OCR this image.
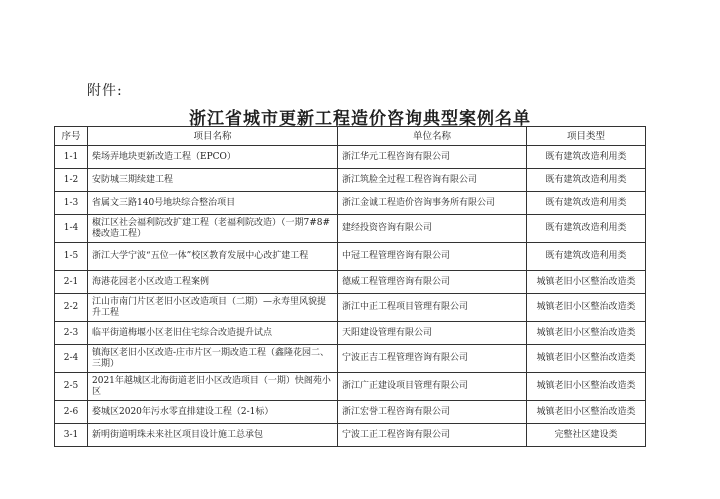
附件:
浙江省城市更新工程造价咨询典型案例名单
序号	项目名称	单位名称	项目类型
1-1	柴场弄地块更新改造工程（EPCO）	浙江华元工程咨询有限公司	既有建筑改造利用类
1-2	安防城三期续建工程	浙江筑脸全过程工程咨询有限公司	既有建筑改造利用类
1-3	省属文三路140号地块综合整治项目	浙江金诚工程造价咨询事务所有限公司	既有建筑改造利用类
1-4	椒江区社会福利院改扩建工程（老福利院改造）（一期7#8#楼改造工程）	建经投资咨询有限公司	既有建筑改造利用类
1-5	浙江大学宁波“五位一体”校区教育发展中心改扩建工程	中冠工程管理咨询有限公司	既有建筑改造利用类
2-1	海港花园老小区改造工程案例	德威工程管理咨询有限公司	城镇老旧小区整治改造类
2-2	江山市南门片区老旧小区改造项目（二期）—永寿里风貌提升工程	浙江中正工程项目管理有限公司	城镇老旧小区整治改造类
2-3	临平街道梅堰小区老旧住宅综合改造提升试点	天阳建设管理有限公司	城镇老旧小区整治改造类
2-4	镇海区老旧小区改造-庄市片区一期改造工程（鑫隆花园二、三期）	宁波正吉工程管理咨询有限公司	城镇老旧小区整治改造类
2-5	2021年越城区北海街道老旧小区改造项目（一期）快阁苑小区	浙江广正建设项目管理有限公司	城镇老旧小区整治改造类
2-6	婺城区2020年污水零直排建设工程（2-1标）	浙江宏誉工程咨询有限公司	城镇老旧小区整治改造类
3-1	新明街道明珠未来社区项目设计施工总承包	宁波工正工程咨询有限公司	完整社区建设类
